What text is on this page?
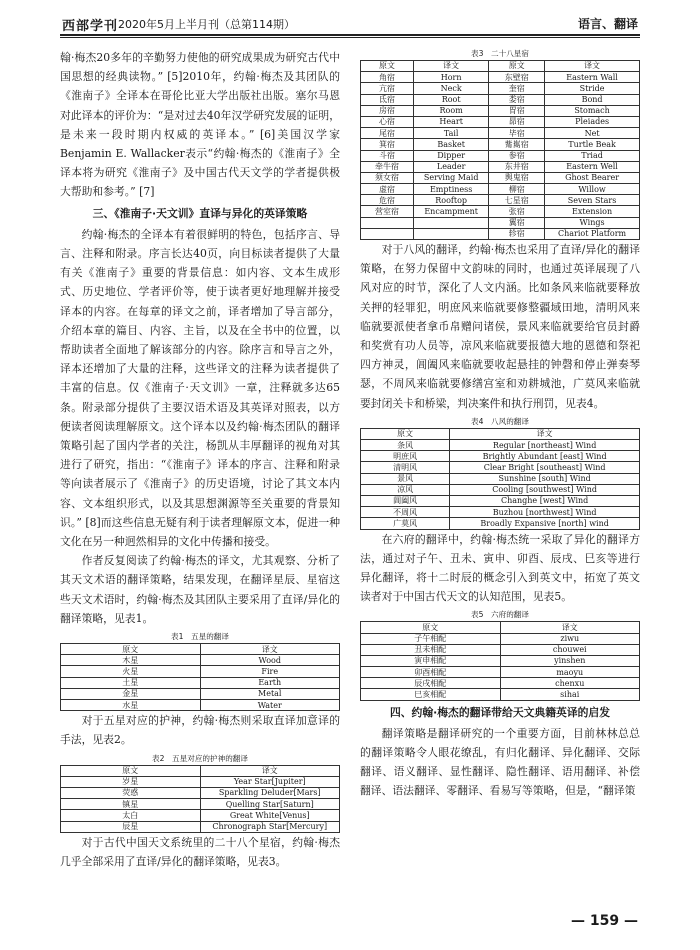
西部学刊 2020年5月上半月刊（总第114期）	语言、翻译

翰·梅杰20多年的辛勤努力使他的研究成果成为研究古代中国思想的经典读物。” [5]2010年，约翰·梅杰及其团队的《淮南子》全译本在哥伦比亚大学出版社出版。塞尔马恩对此译本的评价为：“是对过去40年汉学研究发展的证明，是未来一段时期内权威的英译本。” [6]美国汉学家Benjamin E. Wallacker表示“约翰·梅杰的《淮南子》全译本将为研究《淮南子》及中国古代天文学的学者提供极大帮助和参考。” [7]

三、《淮南子·天文训》直译与异化的英译策略

约翰·梅杰的全译本有着很鲜明的特色，包括序言、导言、注释和附录。序言长达40页，向目标读者提供了大量有关《淮南子》重要的背景信息：如内容、文本生成形式、历史地位、学者评价等，使于读者更好地理解并接受译本的内容。在每章的译文之前，译者增加了导言部分，介绍本章的篇目、内容、主旨，以及在全书中的位置，以帮助读者全面地了解该部分的内容。除序言和导言之外，译本还增加了大量的注释，这些译文的注释为读者提供了丰富的信息。仅《淮南子·天文训》一章，注释就多达65条。附录部分提供了主要汉语术语及其英译对照表，以方便读者阅读理解原文。这个译本以及约翰·梅杰团队的翻译策略引起了国内学者的关注，杨凯从丰厚翻译的视角对其进行了研究，指出：“《淮南子》译本的序言、注释和附录等向读者展示了《淮南子》的历史语境，讨论了其文本内容、文本组织形式，以及其思想渊源等至关重要的背景知识。” [8]而这些信息无疑有利于读者理解原文本，促进一种文化在另一种迥然相异的文化中传播和接受。

作者反复阅读了约翰·梅杰的译文，尤其观察、分析了其天文术语的翻译策略，结果发现，在翻译星辰、星宿这些天文术语时，约翰·梅杰及其团队主要采用了直译/异化的翻译策略，见表1。

表1　五星的翻译
原文	译文
木星	Wood
火星	Fire
土星	Earth
金星	Metal
水星	Water

对于五星对应的护神，约翰·梅杰则采取直译加意译的手法，见表2。

表2　五星对应的护神的翻译
原文	译文
岁星	Year Star[Jupiter]
荧惑	Sparkling Deluder[Mars]
镇星	Quelling Star[Saturn]
太白	Great White[Venus]
辰星	Chronograph Star[Mercury]

对于古代中国天文系统里的二十八个星宿，约翰·梅杰几乎全部采用了直译/异化的翻译策略，见表3。

表3　二十八星宿
原文	译文	原文	译文
角宿	Horn	东壁宿	Eastern Wall
亢宿	Neck	奎宿	Stride
氐宿	Root	娄宿	Bond
房宿	Room	胃宿	Stomach
心宿	Heart	昴宿	Pleiades
尾宿	Tail	毕宿	Net
箕宿	Basket	觜嶲宿	Turtle Beak
斗宿	Dipper	参宿	Triad
牵牛宿	Leader	东井宿	Eastern Well
须女宿	Serving Maid	舆鬼宿	Ghost Bearer
虚宿	Emptiness	柳宿	Willow
危宿	Rooftop	七星宿	Seven Stars
营室宿	Encampment	张宿	Extension
		翼宿	Wings
		轸宿	Chariot Platform

对于八风的翻译，约翰·梅杰也采用了直译/异化的翻译策略，在努力保留中文韵味的同时，也通过英译展现了八风对应的时节，深化了人文内涵。比如条风来临就要释放关押的轻罪犯，明庶风来临就要修整疆域田地，清明风来临就要派使者拿币帛赠问诸侯，景风来临就要给官员封爵和奖赏有功人员等，凉风来临就要报德大地的恩德和祭祀四方神灵，阊阖风来临就要收起悬挂的钟磬和停止弹奏琴瑟，不周风来临就要修缮宫室和劝耕城池，广莫风来临就要封闭关卡和桥梁，判决案件和执行刑罚，见表4。

表4　八风的翻译
原文	译文
条风	Regular [northeast] Wind
明庶风	Brightly Abundant [east] Wind
清明风	Clear Bright [southeast] Wind
景风	Sunshine [south] Wind
凉风	Cooling [southwest] Wind
阊阖风	Changhe [west] Wind
不周风	Buzhou [northwest] Wind
广莫风	Broadly Expansive [north] wind

在六府的翻译中，约翰·梅杰统一采取了异化的翻译方法，通过对子午、丑未、寅申、卯酉、辰戌、巳亥等进行异化翻译，将十二时辰的概念引入到英文中，拓宽了英文读者对于中国古代天文的认知范围，见表5。

表5　六府的翻译
原文	译文
子午相配	ziwu
丑未相配	chouwei
寅申相配	yinshen
卯酉相配	maoyu
辰戌相配	chenxu
巳亥相配	sihai

四、约翰·梅杰的翻译带给天文典籍英译的启发

翻译策略是翻译研究的一个重要方面，目前林林总总的翻译策略令人眼花缭乱，有归化翻译、异化翻译、交际翻译、语义翻译、显性翻译、隐性翻译、语用翻译、补偿翻译、语法翻译、零翻译、看易写等策略，但是，“翻译策

— 159 —
